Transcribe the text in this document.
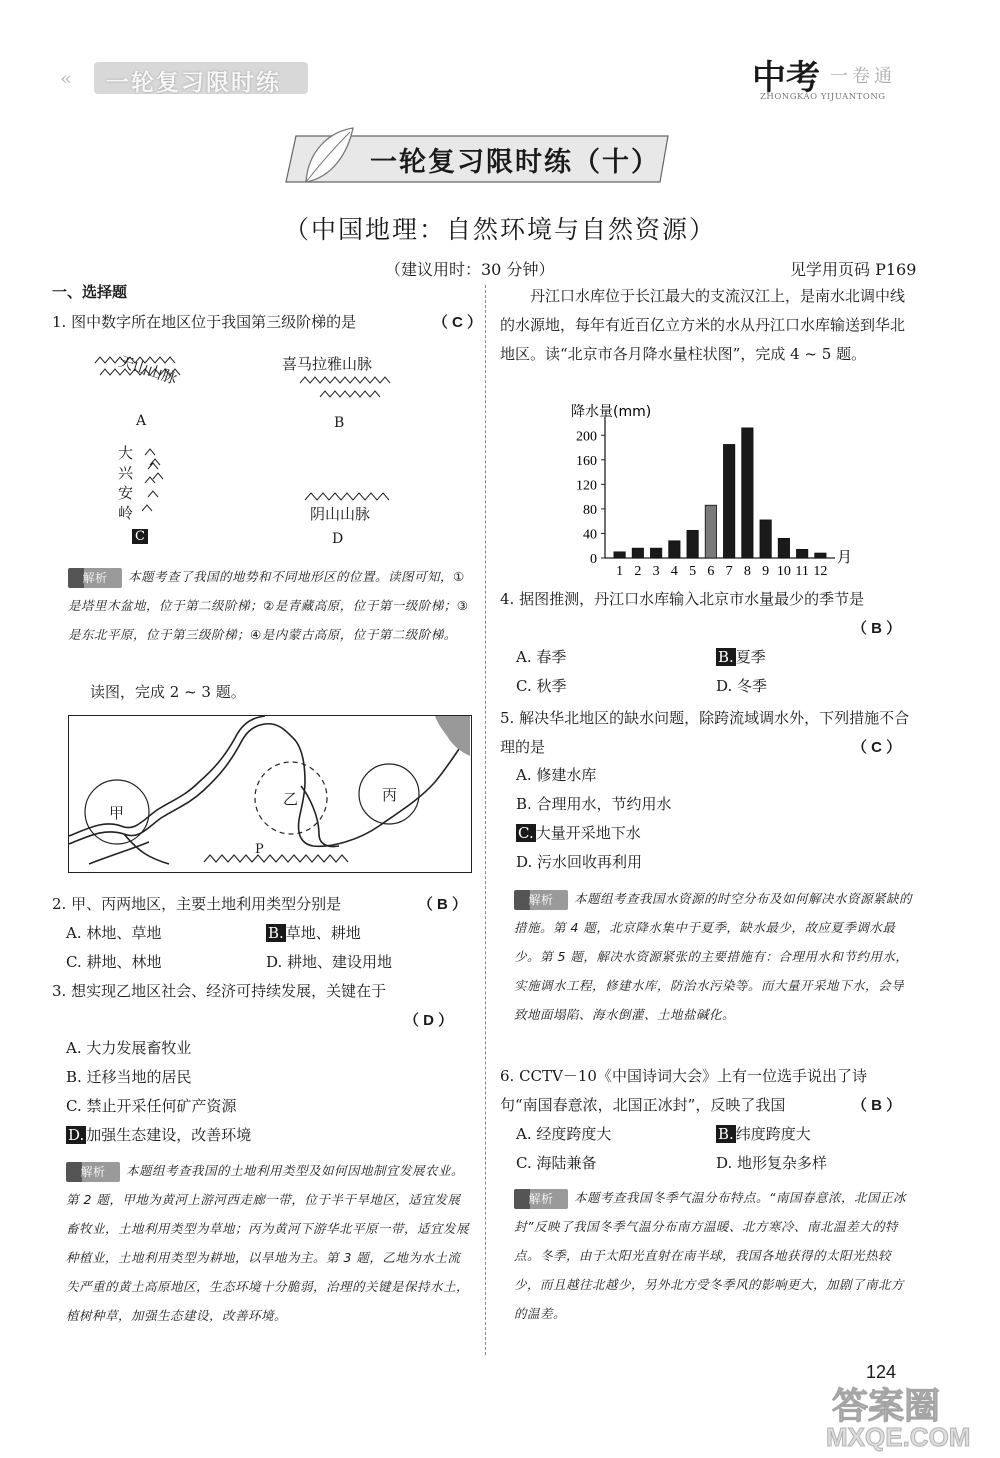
« 一轮复习限时练	中考 一卷通
ZHONGKAO YIJUANTONG
一轮复习限时练（十）
（中国地理：自然环境与自然资源）
（建议用时：30 分钟）	见学用页码 P169
一、选择题
1. 图中数字所在地区位于我国第三级阶梯的是	（ C ）
天山山脉
A
喜马拉雅山脉
B
大兴安岭
C
阴山山脉
D
解析 本题考查了我国的地势和不同地形区的位置。读图可知，①是塔里木盆地，位于第二级阶梯；②是青藏高原，位于第一级阶梯；③是东北平原，位于第三级阶梯；④是内蒙古高原，位于第二级阶梯。
读图，完成 2 ~ 3 题。
甲
乙	丙
P
2. 甲、丙两地区，主要土地利用类型分别是	（ B ）
A. 林地、草地	B. 草地、耕地
C. 耕地、林地	D. 耕地、建设用地
3. 想实现乙地区社会、经济可持续发展，关键在于
（ D ）
A. 大力发展畜牧业
B. 迁移当地的居民
C. 禁止开采任何矿产资源
D. 加强生态建设，改善环境
解析 本题组考查我国的土地利用类型及如何因地制宜发展农业。第 2 题，甲地为黄河上游河西走廊一带，位于半干旱地区，适宜发展畜牧业，土地利用类型为草地；丙为黄河下游华北平原一带，适宜发展种植业，土地利用类型为耕地，以旱地为主。第 3 题，乙地为水土流失严重的黄土高原地区，生态环境十分脆弱，治理的关键是保持水土，植树种草，加强生态建设，改善环境。
丹江口水库位于长江最大的支流汉江上，是南水北调中线的水源地，每年有近百亿立方米的水从丹江口水库输送到华北地区。读“北京市各月降水量柱状图”，完成 4 ~ 5 题。
降水量(mm)
0
40
80
120
160
200
1 2 3 4 5 6 7 8 9 10 11 12
月
4. 据图推测，丹江口水库输入北京市水量最少的季节是
（ B ）
A. 春季	B. 夏季
C. 秋季	D. 冬季
5. 解决华北地区的缺水问题，除跨流域调水外，下列措施不合理的是	（ C ）
A. 修建水库
B. 合理用水，节约用水
C. 大量开采地下水
D. 污水回收再利用
解析 本题组考查我国水资源的时空分布及如何解决水资源紧缺的措施。第 4 题，北京降水集中于夏季，缺水最少，故应夏季调水最少。第 5 题，解决水资源紧张的主要措施有：合理用水和节约用水，实施调水工程，修建水库，防治水污染等。而大量开采地下水，会导致地面塌陷、海水倒灌、土地盐碱化。
6. CCTV－10《中国诗词大会》上有一位选手说出了诗句“南国春意浓，北国正冰封”，反映了我国	（ B ）
A. 经度跨度大	B. 纬度跨度大
C. 海陆兼备	D. 地形复杂多样
解析 本题考查我国冬季气温分布特点。“南国春意浓，北国正冰封”反映了我国冬季气温分布南方温暖、北方寒冷、南北温差大的特点。冬季，由于太阳光直射在南半球，我国各地获得的太阳光热较少，而且越往北越少，另外北方受冬季风的影响更大，加剧了南北方的温差。
124
答案圈
MXQE.COM
